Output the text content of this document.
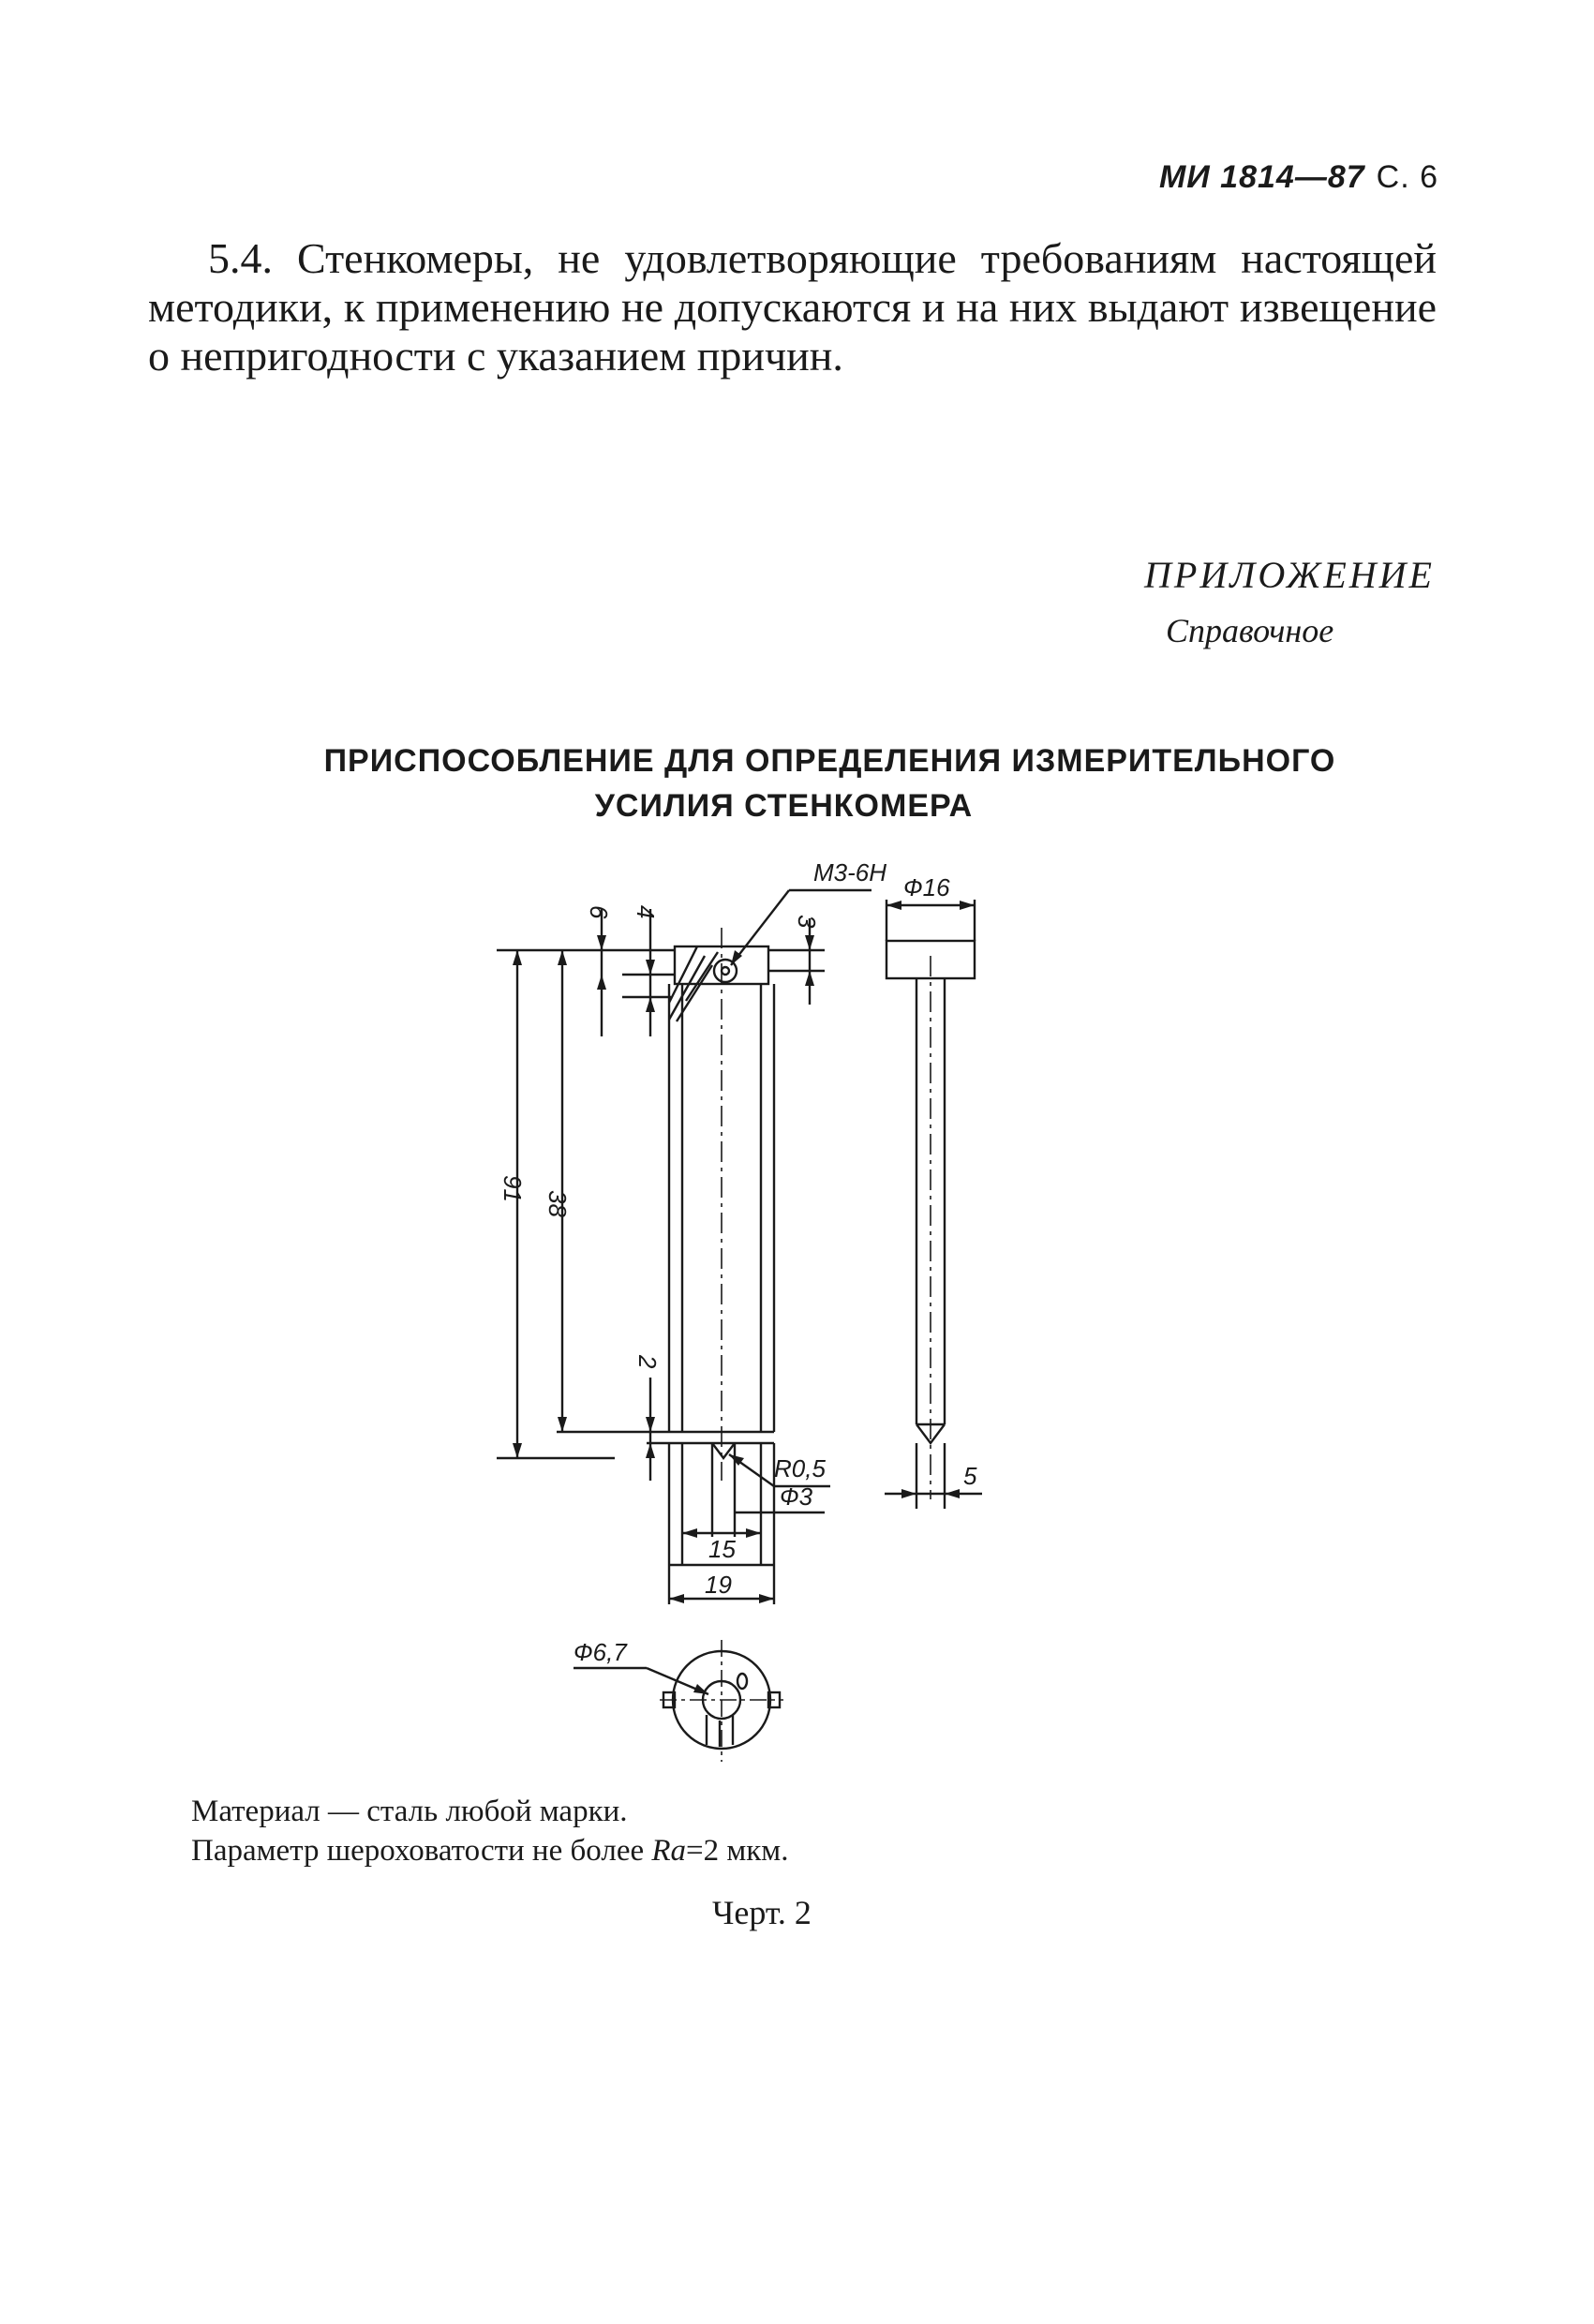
МИ 1814—87 С. 6

5.4. Стенкомеры, не удовлетворяющие требованиям настоящей методики, к применению не допускаются и на них выдают извещение о непригодности с указанием причин.

ПРИЛОЖЕНИЕ
Справочное
ПРИСПОСОБЛЕНИЕ ДЛЯ ОПРЕДЕЛЕНИЯ ИЗМЕРИТЕЛЬНОГО
УСИЛИЯ СТЕНКОМЕРА
М3-6Н
6 4
3
91
38
2
R0,5
Ф3
15
19
Ф16
5
Ф6,7
Материал — сталь любой марки.
Параметр шероховатости не более Ra=2 мкм.
Черт. 2
